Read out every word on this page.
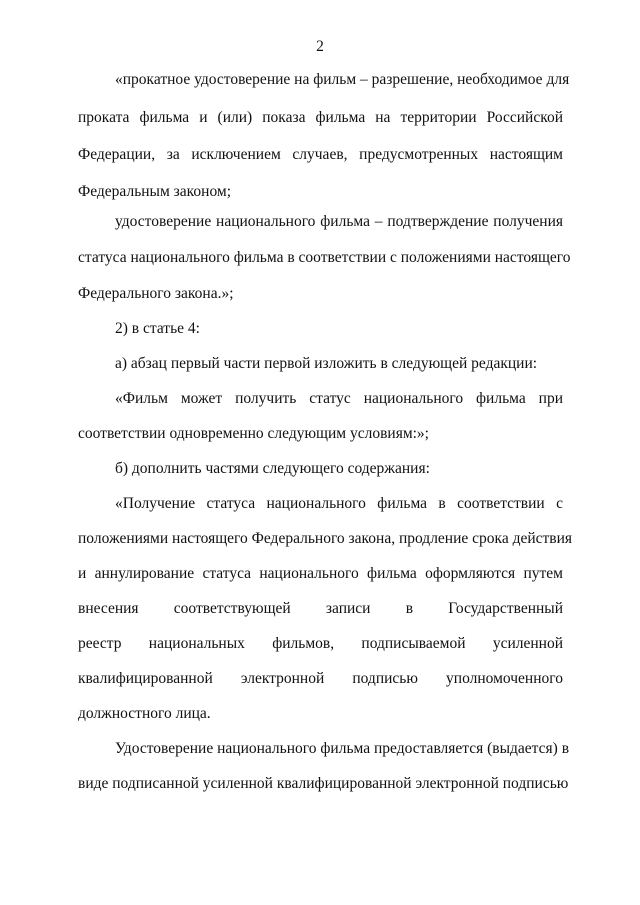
2
«прокатное удостоверение на фильм – разрешение, необходимое для
проката фильма и (или) показа фильма на территории Российской
Федерации, за исключением случаев, предусмотренных настоящим
Федеральным законом;
удостоверение национального фильма – подтверждение получения
статуса национального фильма в соответствии с положениями настоящего
Федерального закона.»;
2) в статье 4:
а) абзац первый части первой изложить в следующей редакции:
«Фильм может получить статус национального фильма при
соответствии одновременно следующим условиям:»;
б) дополнить частями следующего содержания:
«Получение статуса национального фильма в соответствии с
положениями настоящего Федерального закона, продление срока действия
и аннулирование статуса национального фильма оформляются путем
внесения соответствующей записи в Государственный
реестр национальных фильмов, подписываемой усиленной
квалифицированной электронной подписью уполномоченного
должностного лица.
Удостоверение национального фильма предоставляется (выдается) в
виде подписанной усиленной квалифицированной электронной подписью
